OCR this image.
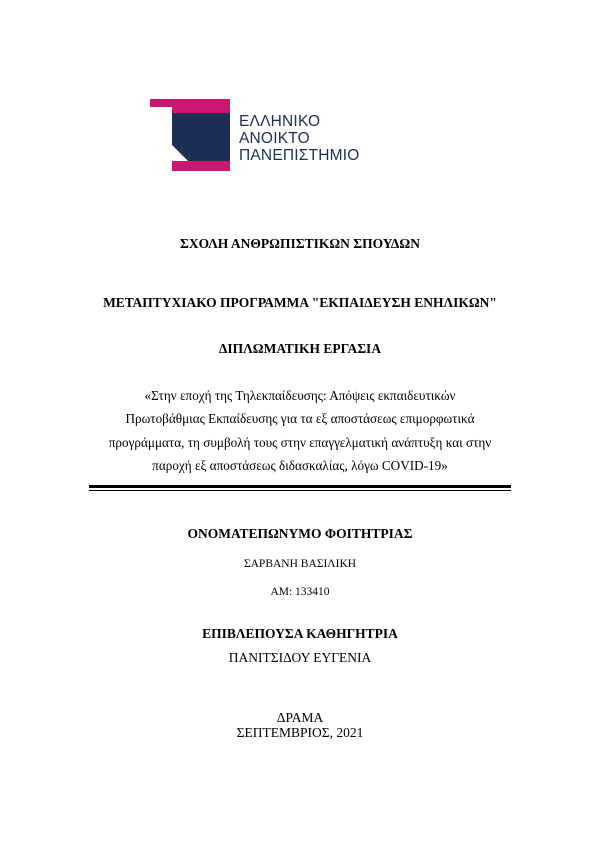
ΕΛΛΗΝΙΚΟ
ΑΝΟΙΚΤΟ
ΠΑΝΕΠΙΣΤΗΜΙΟ
ΣΧΟΛΗ ΑΝΘΡΩΠΙΣΤΙΚΩΝ ΣΠΟΥΔΩΝ
ΜΕΤΑΠΤΥΧΙΑΚΟ ΠΡΟΓΡΑΜΜΑ "ΕΚΠΑΙΔΕΥΣΗ ΕΝΗΛΙΚΩΝ"
ΔΙΠΛΩΜΑΤΙΚΗ ΕΡΓΑΣΙΑ
«Στην εποχή της Τηλεκπαίδευσης: Απόψεις εκπαιδευτικών
Πρωτοβάθμιας Εκπαίδευσης για τα εξ αποστάσεως επιμορφωτικά
προγράμματα, τη συμβολή τους στην επαγγελματική ανάπτυξη και στην
παροχή εξ αποστάσεως διδασκαλίας, λόγω COVID-19»
ΟΝΟΜΑΤΕΠΩΝΥΜΟ ΦΟΙΤΗΤΡΙΑΣ
ΣΑΡΒΑΝΗ ΒΑΣΙΛΙΚΗ
ΑΜ: 133410
ΕΠΙΒΛΕΠΟΥΣΑ ΚΑΘΗΓΗΤΡΙΑ
ΠΑΝΙΤΣΙΔΟΥ ΕΥΓΕΝΙΑ
ΔΡΑΜΑ
ΣΕΠΤΕΜΒΡΙΟΣ, 2021
